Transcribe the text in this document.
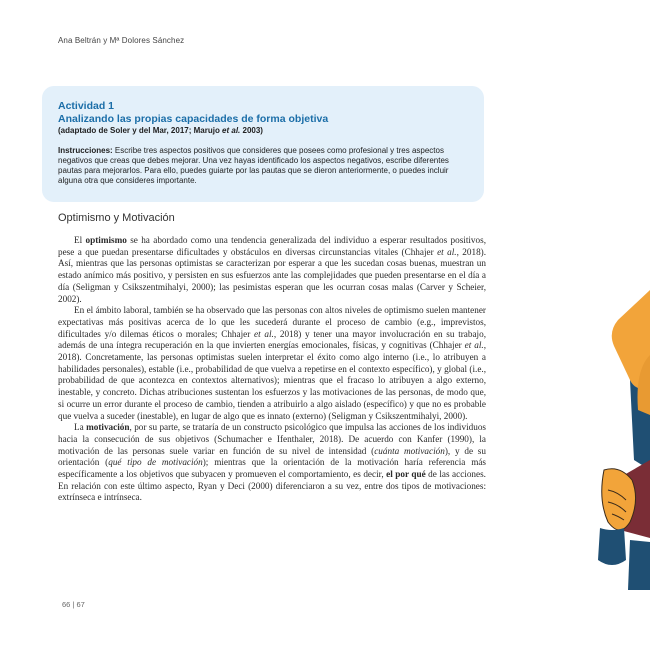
Ana Beltrán y Mª Dolores Sánchez
Actividad 1
Analizando las propias capacidades de forma objetiva
(adaptado de Soler y del Mar, 2017; Marujo et al. 2003)
Instrucciones: Escribe tres aspectos positivos que consideres que posees como profesional y tres aspectos negativos que creas que debes mejorar. Una vez hayas identificado los aspectos negativos, escribe diferentes pautas para mejorarlos. Para ello, puedes guiarte por las pautas que se dieron anteriormente, o puedes incluir alguna otra que consideres importante.
Optimismo y Motivación

El optimismo se ha abordado como una tendencia generalizada del individuo a esperar resultados positivos, pese a que puedan presentarse dificultades y obstáculos en diversas circunstancias vitales (Chhajer et al., 2018). Así, mientras que las personas optimistas se caracterizan por esperar a que les sucedan cosas buenas, muestran un estado anímico más positivo, y persisten en sus esfuerzos ante las complejidades que pueden presentarse en el día a día (Seligman y Csikszentmihalyi, 2000); las pesimistas esperan que les ocurran cosas malas (Carver y Scheier, 2002).

En el ámbito laboral, también se ha observado que las personas con altos niveles de optimismo suelen mantener expectativas más positivas acerca de lo que les sucederá durante el proceso de cambio (e.g., imprevistos, dificultades y/o dilemas éticos o morales; Chhajer et al., 2018) y tener una mayor involucración en su trabajo, además de una íntegra recuperación en la que invierten energías emocionales, físicas, y cognitivas (Chhajer et al., 2018). Concretamente, las personas optimistas suelen interpretar el éxito como algo interno (i.e., lo atribuyen a habilidades personales), estable (i.e., probabilidad de que vuelva a repetirse en el contexto específico), y global (i.e., probabilidad de que acontezca en contextos alternativos); mientras que el fracaso lo atribuyen a algo externo, inestable, y concreto. Dichas atribuciones sustentan los esfuerzos y las motivaciones de las personas, de modo que, si ocurre un error durante el proceso de cambio, tienden a atribuirlo a algo aislado (específico) y que no es probable que vuelva a suceder (inestable), en lugar de algo que es innato (externo) (Seligman y Csikszentmihalyi, 2000).

La motivación, por su parte, se trataría de un constructo psicológico que impulsa las acciones de los individuos hacia la consecución de sus objetivos (Schumacher e Ifenthaler, 2018). De acuerdo con Kanfer (1990), la motivación de las personas suele variar en función de su nivel de intensidad (cuánta motivación), y de su orientación (qué tipo de motivación); mientras que la orientación de la motivación haría referencia más específicamente a los objetivos que subyacen y promueven el comportamiento, es decir, el por qué de las acciones. En relación con este último aspecto, Ryan y Deci (2000) diferenciaron a su vez, entre dos tipos de motivaciones: extrínseca e intrínseca.

66 | 67
